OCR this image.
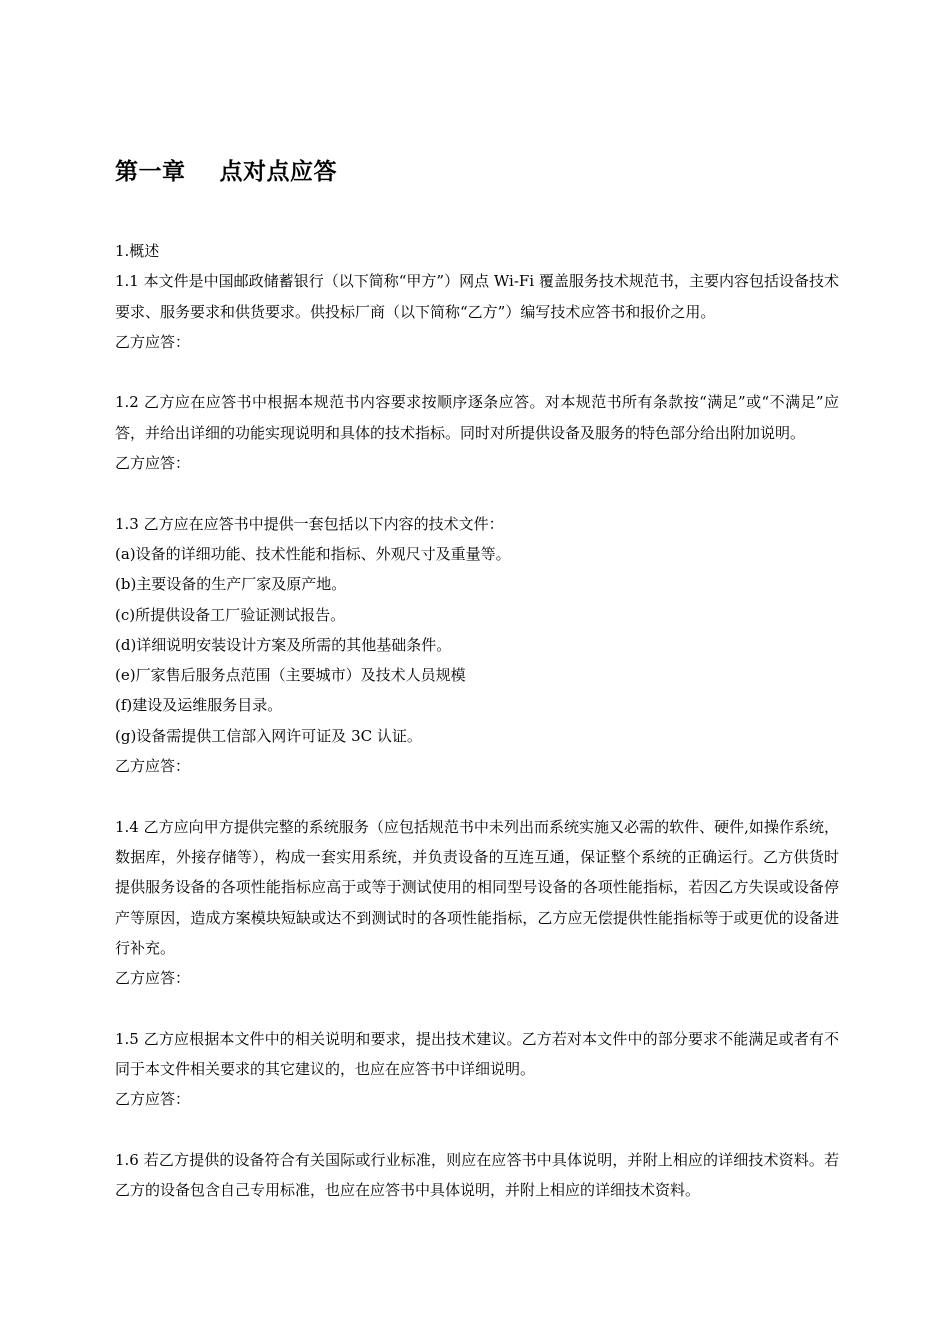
第一章    点对点应答

1.概述

1.1 本文件是中国邮政储蓄银行（以下简称“甲方”）网点 Wi-Fi 覆盖服务技术规范书，主要内容包括设备技术要求、服务要求和供货要求。供投标厂商（以下简称“乙方”）编写技术应答书和报价之用。

乙方应答：

1.2 乙方应在应答书中根据本规范书内容要求按顺序逐条应答。对本规范书所有条款按“满足”或“不满足”应答，并给出详细的功能实现说明和具体的技术指标。同时对所提供设备及服务的特色部分给出附加说明。

乙方应答：

1.3 乙方应在应答书中提供一套包括以下内容的技术文件：

(a)设备的详细功能、技术性能和指标、外观尺寸及重量等。

(b)主要设备的生产厂家及原产地。

(c)所提供设备工厂验证测试报告。

(d)详细说明安装设计方案及所需的其他基础条件。

(e)厂家售后服务点范围（主要城市）及技术人员规模

(f)建设及运维服务目录。

(g)设备需提供工信部入网许可证及 3C 认证。

乙方应答：

1.4 乙方应向甲方提供完整的系统服务（应包括规范书中未列出而系统实施又必需的软件、硬件,如操作系统，数据库，外接存储等），构成一套实用系统，并负责设备的互连互通，保证整个系统的正确运行。乙方供货时提供服务设备的各项性能指标应高于或等于测试使用的相同型号设备的各项性能指标，若因乙方失误或设备停产等原因，造成方案模块短缺或达不到测试时的各项性能指标，乙方应无偿提供性能指标等于或更优的设备进行补充。

乙方应答：

1.5 乙方应根据本文件中的相关说明和要求，提出技术建议。乙方若对本文件中的部分要求不能满足或者有不同于本文件相关要求的其它建议的，也应在应答书中详细说明。

乙方应答：

1.6 若乙方提供的设备符合有关国际或行业标准，则应在应答书中具体说明，并附上相应的详细技术资料。若乙方的设备包含自己专用标准，也应在应答书中具体说明，并附上相应的详细技术资料。
